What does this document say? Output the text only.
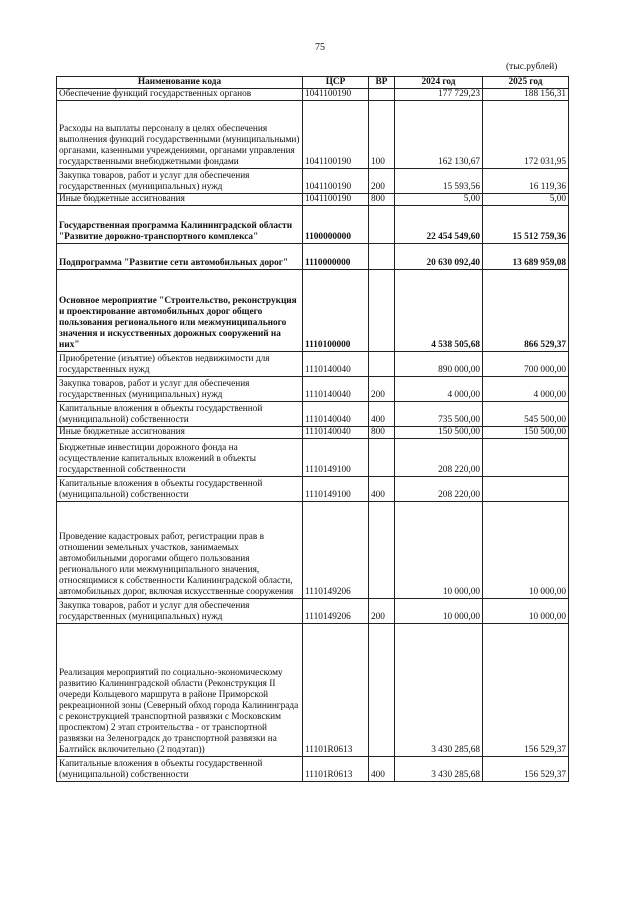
75
(тыс.рублей)
Наименование кода	ЦСР	ВР	2024 год	2025 год
Обеспечение функций государственных органов	1041100190		177 729,23	188 156,31
Расходы на выплаты персоналу в целях обеспечения выполнения функций государственными (муниципальными) органами, казенными учреждениями, органами управления государственными внебюджетными фондами	1041100190	100	162 130,67	172 031,95
Закупка товаров, работ и услуг для обеспечения государственных (муниципальных) нужд	1041100190	200	15 593,56	16 119,36
Иные бюджетные ассигнования	1041100190	800	5,00	5,00
Государственная программа Калининградской области "Развитие дорожно-транспортного комплекса"	1100000000		22 454 549,60	15 512 759,36
Подпрограмма "Развитие сети автомобильных дорог"	1110000000		20 630 092,40	13 689 959,08
Основное мероприятие "Строительство, реконструкция и проектирование автомобильных дорог общего пользования регионального или межмуниципального значения и искусственных дорожных сооружений на них"	1110100000		4 538 505,68	866 529,37
Приобретение (изъятие) объектов недвижимости для государственных нужд	1110140040		890 000,00	700 000,00
Закупка товаров, работ и услуг для обеспечения государственных (муниципальных) нужд	1110140040	200	4 000,00	4 000,00
Капитальные вложения в объекты государственной (муниципальной) собственности	1110140040	400	735 500,00	545 500,00
Иные бюджетные ассигнования	1110140040	800	150 500,00	150 500,00
Бюджетные инвестиции дорожного фонда на осуществление капитальных вложений в объекты государственной собственности	1110149100		208 220,00	
Капитальные вложения в объекты государственной (муниципальной) собственности	1110149100	400	208 220,00	
Проведение кадастровых работ, регистрации прав в отношении земельных участков, занимаемых автомобильными дорогами общего пользования регионального или межмуниципального значения, относящимися к собственности Калининградской области, автомобильных дорог, включая искусственные сооружения	1110149206		10 000,00	10 000,00
Закупка товаров, работ и услуг для обеспечения государственных (муниципальных) нужд	1110149206	200	10 000,00	10 000,00
Реализация мероприятий по социально-экономическому развитию Калининградской области (Реконструкция II очереди Кольцевого маршрута в районе Приморской рекреационной зоны (Северный обход города Калининграда с реконструкцией транспортной развязки с Московским проспектом) 2 этап строительства - от транспортной развязки на Зеленоградск до транспортной развязки на Балтийск включительно (2 подэтап))	11101R0613		3 430 285,68	156 529,37
Капитальные вложения в объекты государственной (муниципальной) собственности	11101R0613	400	3 430 285,68	156 529,37
